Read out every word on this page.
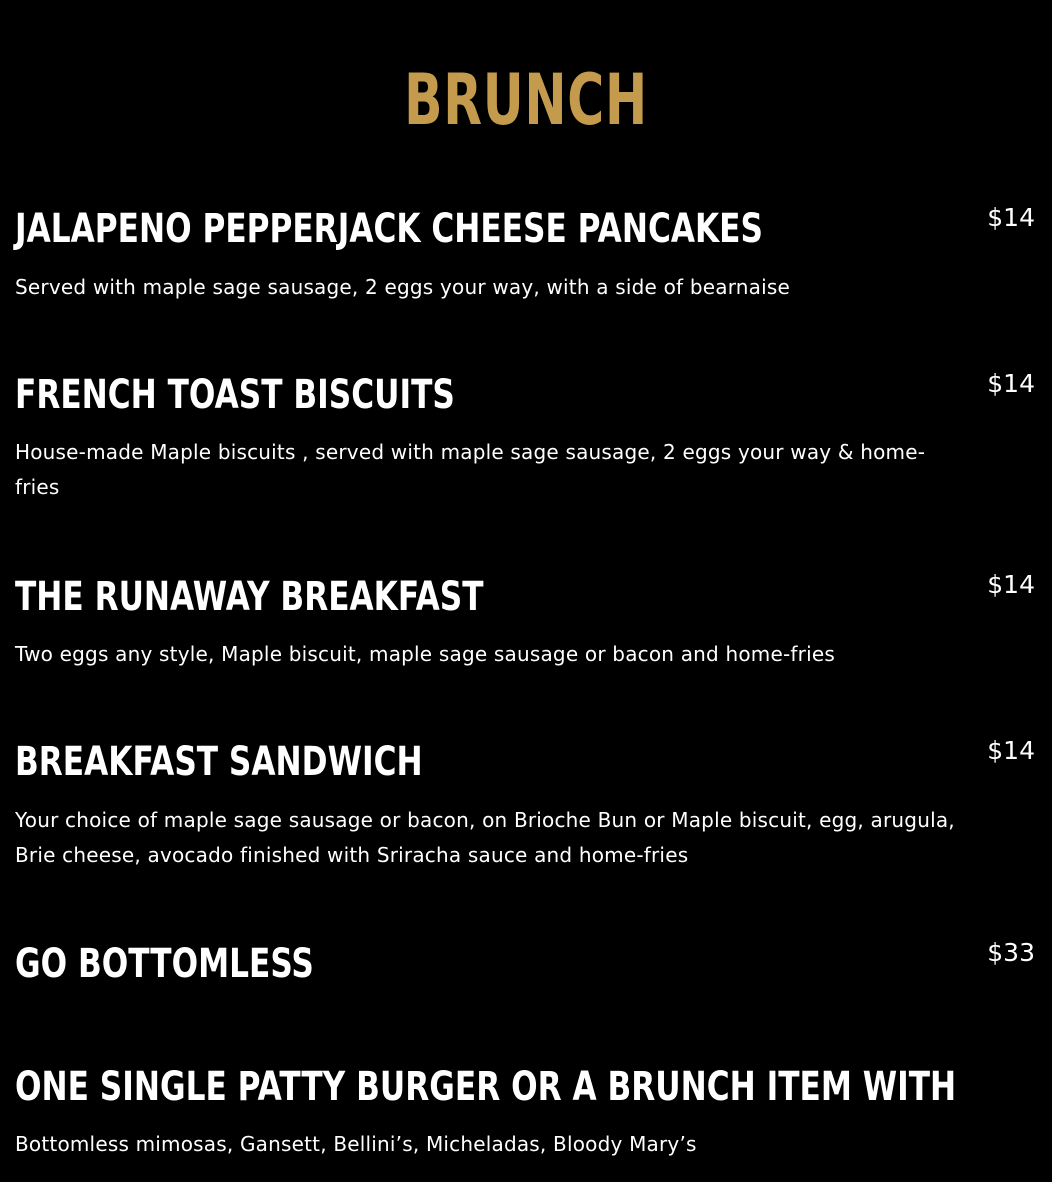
BRUNCH
JALAPENO PEPPERJACK CHEESE PANCAKES	$14

Served with maple sage sausage, 2 eggs your way, with a side of bearnaise

FRENCH TOAST BISCUITS	$14

House-made Maple biscuits , served with maple sage sausage, 2 eggs your way & home-fries

THE RUNAWAY BREAKFAST	$14

Two eggs any style, Maple biscuit, maple sage sausage or bacon and home-fries

BREAKFAST SANDWICH	$14

Your choice of maple sage sausage or bacon, on Brioche Bun or Maple biscuit, egg, arugula, Brie cheese, avocado finished with Sriracha sauce and home-fries

GO BOTTOMLESS	$33

ONE SINGLE PATTY BURGER OR A BRUNCH ITEM WITH

Bottomless mimosas, Gansett, Bellini’s, Micheladas, Bloody Mary’s
